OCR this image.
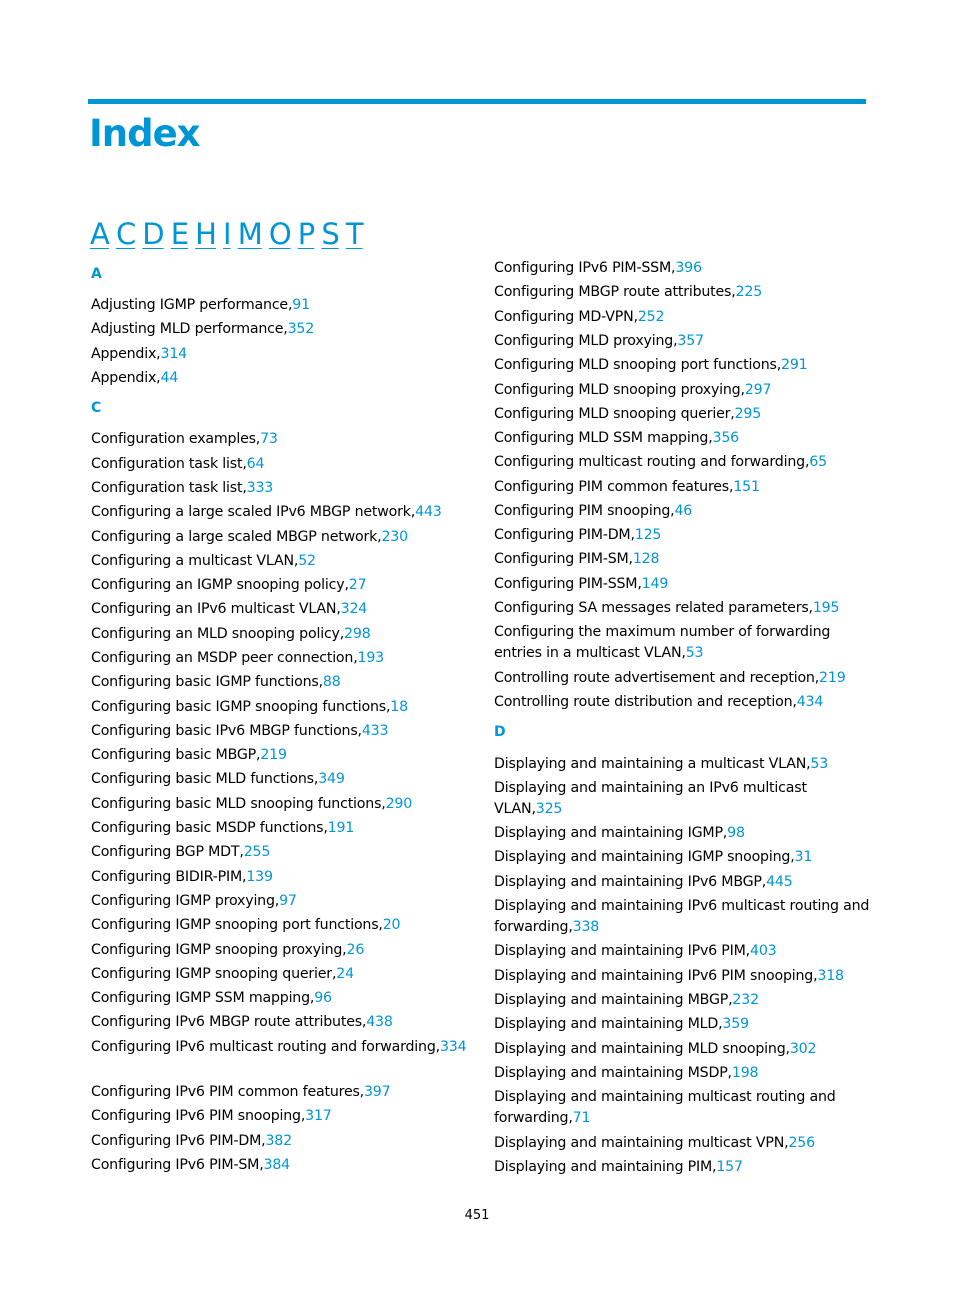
Index
A C D E H I M O P S T
A
Adjusting IGMP performance,91
Adjusting MLD performance,352
Appendix,314
Appendix,44
C
Configuration examples,73
Configuration task list,64
Configuration task list,333
Configuring a large scaled IPv6 MBGP network,443
Configuring a large scaled MBGP network,230
Configuring a multicast VLAN,52
Configuring an IGMP snooping policy,27
Configuring an IPv6 multicast VLAN,324
Configuring an MLD snooping policy,298
Configuring an MSDP peer connection,193
Configuring basic IGMP functions,88
Configuring basic IGMP snooping functions,18
Configuring basic IPv6 MBGP functions,433
Configuring basic MBGP,219
Configuring basic MLD functions,349
Configuring basic MLD snooping functions,290
Configuring basic MSDP functions,191
Configuring BGP MDT,255
Configuring BIDIR-PIM,139
Configuring IGMP proxying,97
Configuring IGMP snooping port functions,20
Configuring IGMP snooping proxying,26
Configuring IGMP snooping querier,24
Configuring IGMP SSM mapping,96
Configuring IPv6 MBGP route attributes,438
Configuring IPv6 multicast routing and forwarding,334
Configuring IPv6 PIM common features,397
Configuring IPv6 PIM snooping,317
Configuring IPv6 PIM-DM,382
Configuring IPv6 PIM-SM,384
Configuring IPv6 PIM-SSM,396
Configuring MBGP route attributes,225
Configuring MD-VPN,252
Configuring MLD proxying,357
Configuring MLD snooping port functions,291
Configuring MLD snooping proxying,297
Configuring MLD snooping querier,295
Configuring MLD SSM mapping,356
Configuring multicast routing and forwarding,65
Configuring PIM common features,151
Configuring PIM snooping,46
Configuring PIM-DM,125
Configuring PIM-SM,128
Configuring PIM-SSM,149
Configuring SA messages related parameters,195
Configuring the maximum number of forwarding entries in a multicast VLAN,53
Controlling route advertisement and reception,219
Controlling route distribution and reception,434
D
Displaying and maintaining a multicast VLAN,53
Displaying and maintaining an IPv6 multicast VLAN,325
Displaying and maintaining IGMP,98
Displaying and maintaining IGMP snooping,31
Displaying and maintaining IPv6 MBGP,445
Displaying and maintaining IPv6 multicast routing and forwarding,338
Displaying and maintaining IPv6 PIM,403
Displaying and maintaining IPv6 PIM snooping,318
Displaying and maintaining MBGP,232
Displaying and maintaining MLD,359
Displaying and maintaining MLD snooping,302
Displaying and maintaining MSDP,198
Displaying and maintaining multicast routing and forwarding,71
Displaying and maintaining multicast VPN,256
Displaying and maintaining PIM,157
451
